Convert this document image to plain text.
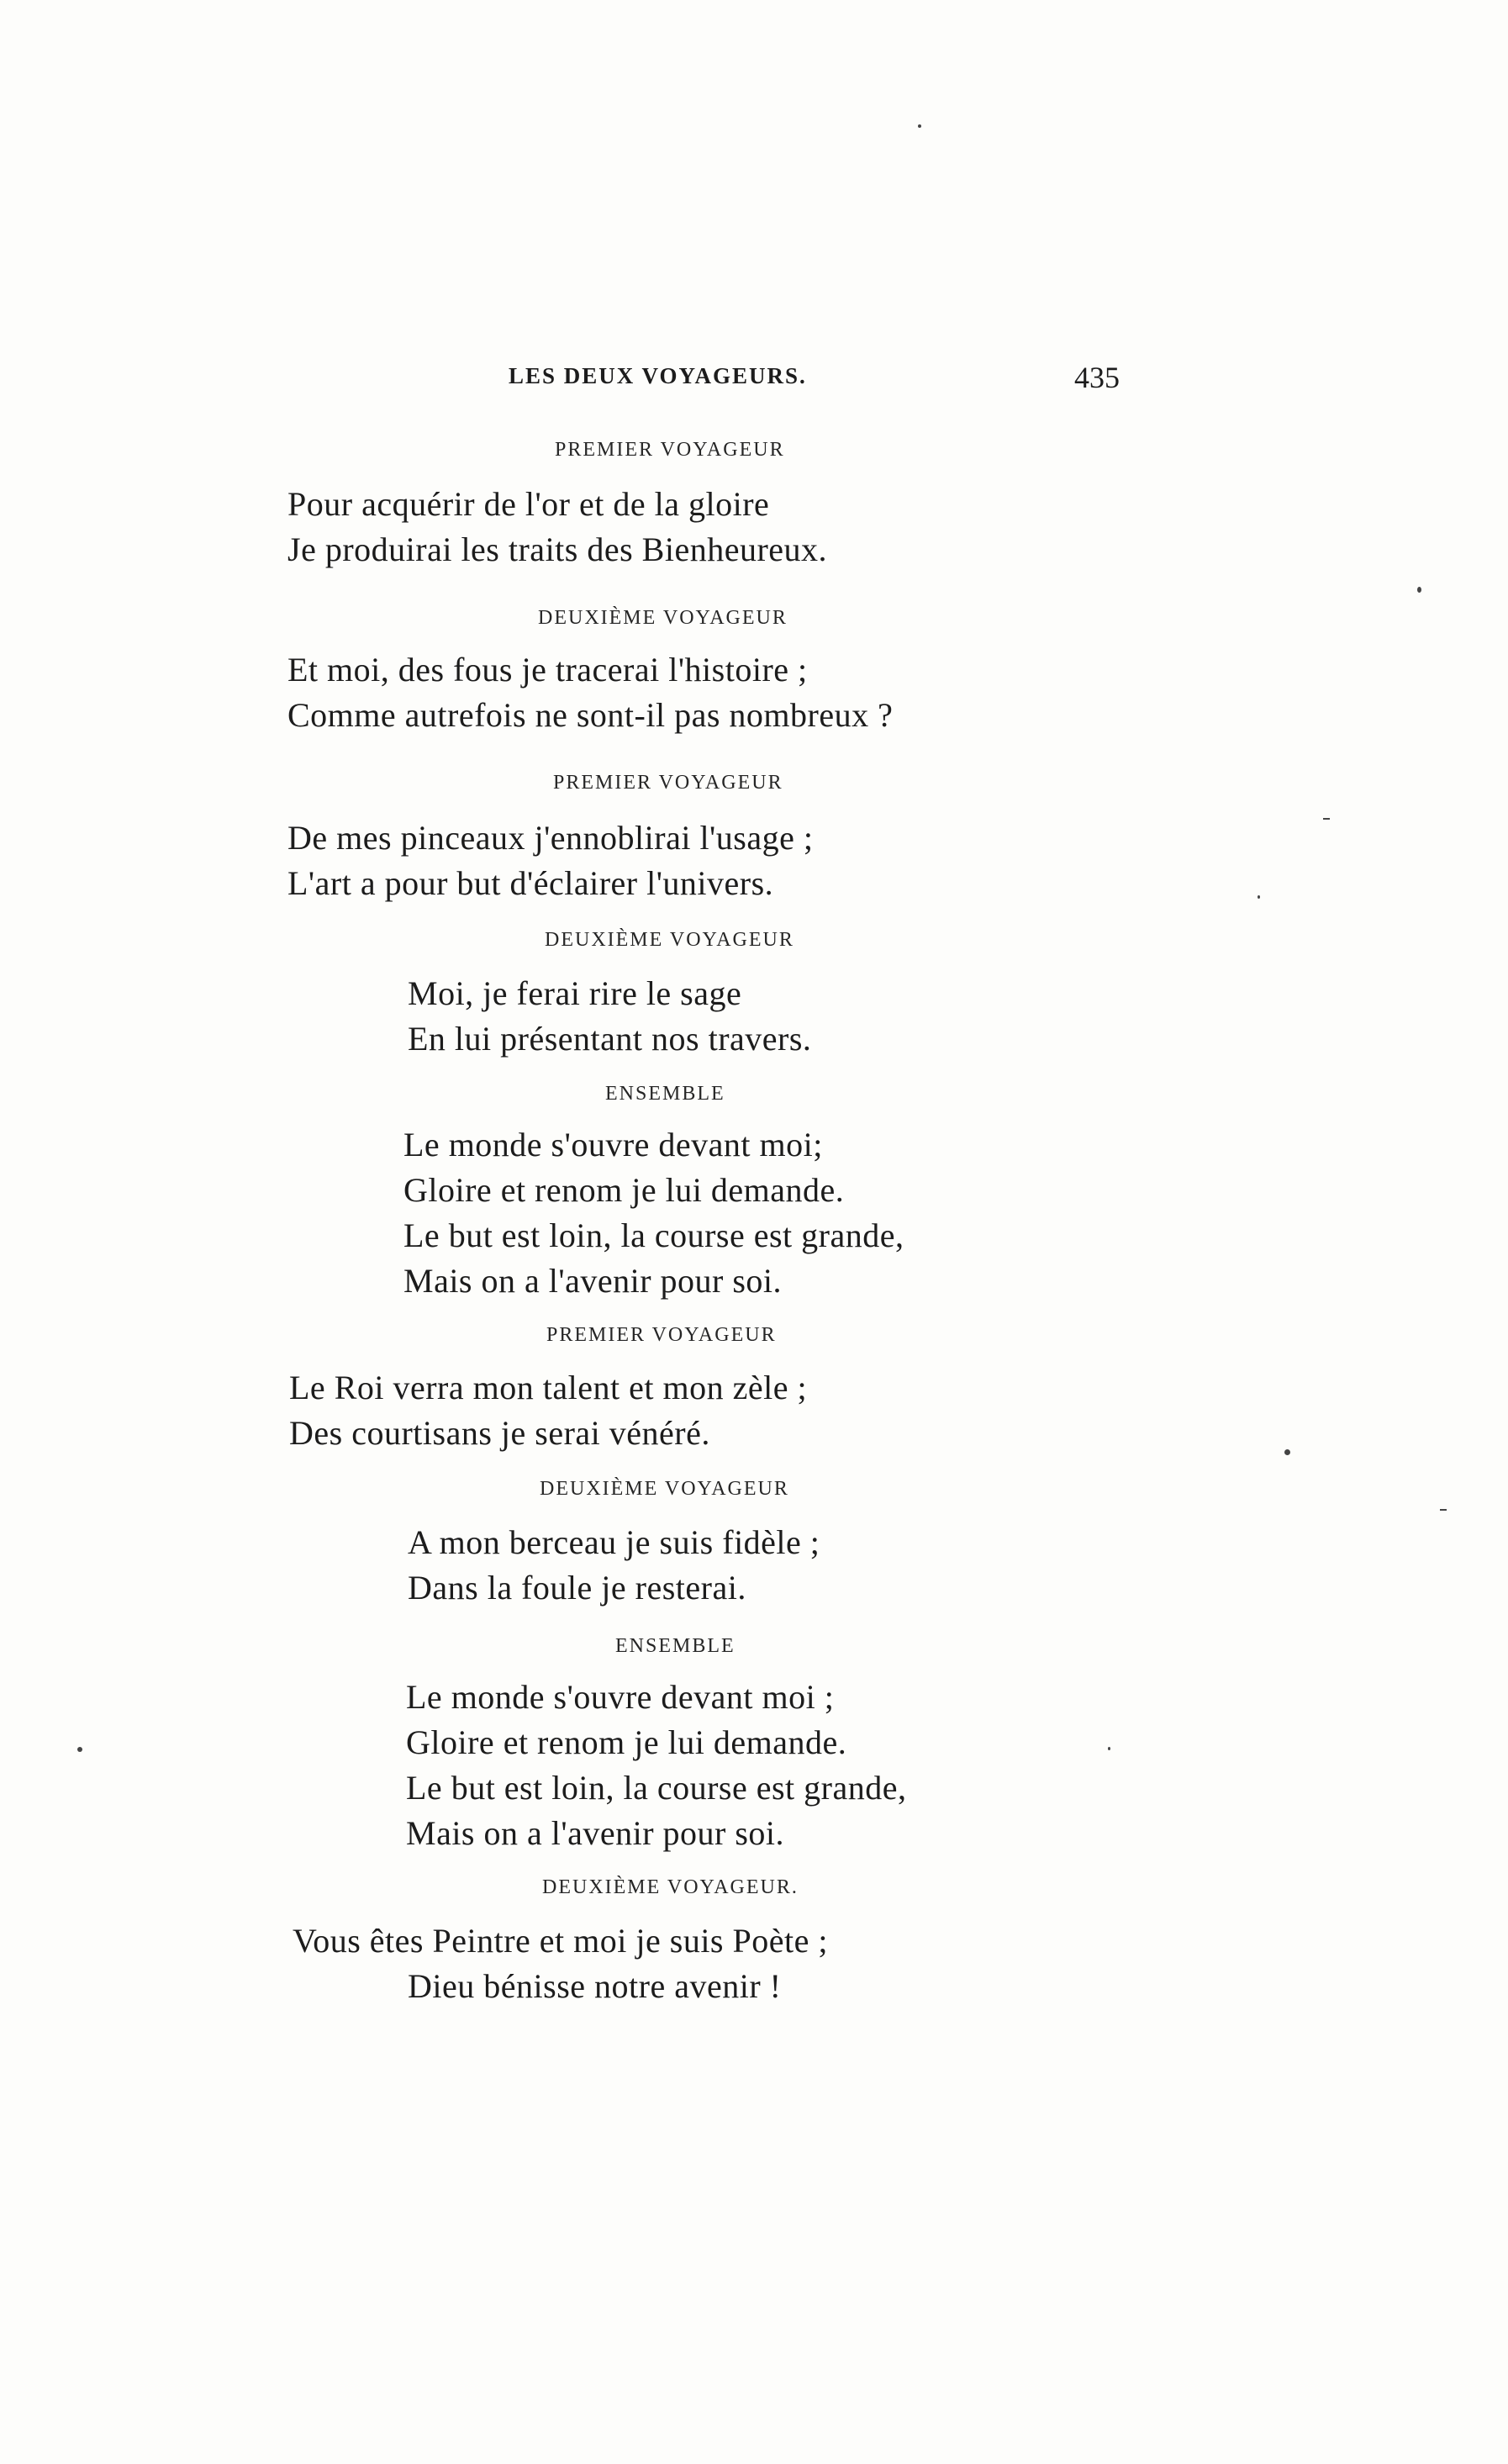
LES DEUX VOYAGEURS.	435
PREMIER VOYAGEUR
Pour acquérir de l'or et de la gloire
Je produirai les traits des Bienheureux.
DEUXIÈME VOYAGEUR
Et moi, des fous je tracerai l'histoire ;
Comme autrefois ne sont-il pas nombreux ?
PREMIER VOYAGEUR
De mes pinceaux j'ennoblirai l'usage ;
L'art a pour but d'éclairer l'univers.
DEUXIÈME VOYAGEUR
Moi, je ferai rire le sage
En lui présentant nos travers.
ENSEMBLE
Le monde s'ouvre devant moi;
Gloire et renom je lui demande.
Le but est loin, la course est grande,
Mais on a l'avenir pour soi.
PREMIER VOYAGEUR
Le Roi verra mon talent et mon zèle ;
Des courtisans je serai vénéré.
DEUXIÈME VOYAGEUR
A mon berceau je suis fidèle ;
Dans la foule je resterai.
ENSEMBLE
Le monde s'ouvre devant moi ;
Gloire et renom je lui demande.
Le but est loin, la course est grande,
Mais on a l'avenir pour soi.
DEUXIÈME VOYAGEUR.
Vous êtes Peintre et moi je suis Poète ;
Dieu bénisse notre avenir !
